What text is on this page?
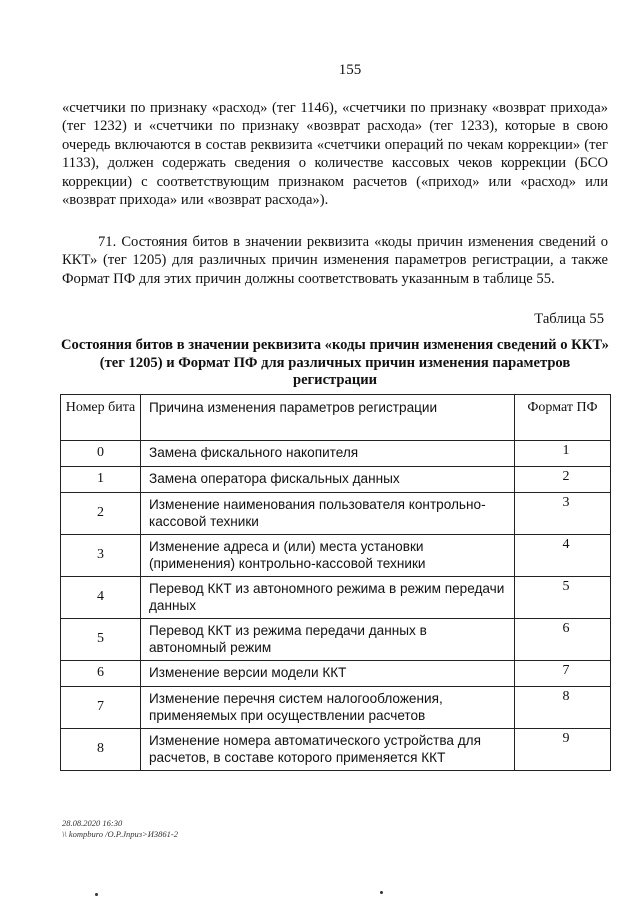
155
«счетчики по признаку «расход» (тег 1146), «счетчики по признаку «возврат прихода» (тег 1232) и «счетчики по признаку «возврат расхода» (тег 1233), которые в свою очередь включаются в состав реквизита «счетчики операций по чекам коррекции» (тег 1133), должен содержать сведения о количестве кассовых чеков коррекции (БСО коррекции) с соответствующим признаком расчетов («приход» или «расход» или «возврат прихода» или «возврат расхода»).
71. Состояния битов в значении реквизита «коды причин изменения сведений о ККТ» (тег 1205) для различных причин изменения параметров регистрации, а также Формат ПФ для этих причин должны соответствовать указанным в таблице 55.
Таблица 55
Состояния битов в значении реквизита «коды причин изменения сведений о ККТ» (тег 1205) и Формат ПФ для различных причин изменения параметров регистрации
Номер бита	Причина изменения параметров регистрации	Формат ПФ
0	Замена фискального накопителя	1
1	Замена оператора фискальных данных	2
2	Изменение наименования пользователя контрольно-кассовой техники	3
3	Изменение адреса и (или) места установки (применения) контрольно-кассовой техники	4
4	Перевод ККТ из автономного режима в режим передачи данных	5
5	Перевод ККТ из режима передачи данных в автономный режим	6
6	Изменение версии модели ККТ	7
7	Изменение перечня систем налогообложения, применяемых при осуществлении расчетов	8
8	Изменение номера автоматического устройства для расчетов, в составе которого применяется ККТ	9
28.08.2020 16:30
\\ kompburo /О.Р.Jпрuз>И3861-2
